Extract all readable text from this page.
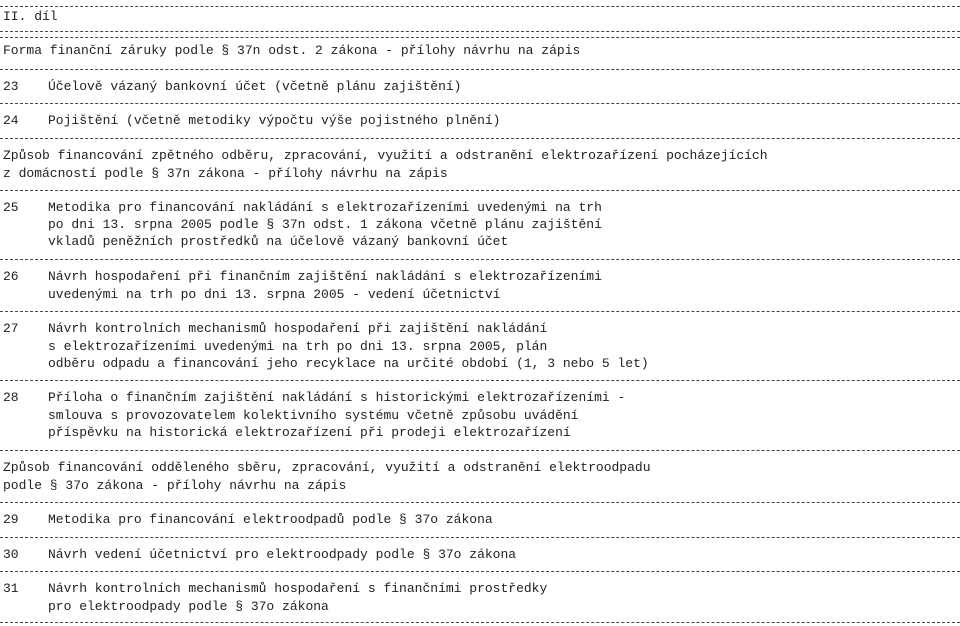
II. díl
Forma finanční záruky podle § 37n odst. 2 zákona - přílohy návrhu na zápis
23 Účelově vázaný bankovní účet (včetně plánu zajištění)
24 Pojištění (včetně metodiky výpočtu výše pojistného plnění)
Způsob financování zpětného odběru, zpracování, využití a odstranění elektrozařízení pocházejících
z domácností podle § 37n zákona - přílohy návrhu na zápis
25 Metodika pro financování nakládání s elektrozařízeními uvedenými na trh
po dni 13. srpna 2005 podle § 37n odst. 1 zákona včetně plánu zajištění
vkladů peněžních prostředků na účelově vázaný bankovní účet
26 Návrh hospodaření při finančním zajištění nakládání s elektrozařízeními
uvedenými na trh po dni 13. srpna 2005 - vedení účetnictví
27 Návrh kontrolních mechanismů hospodaření při zajištění nakládání
s elektrozařízeními uvedenými na trh po dni 13. srpna 2005, plán
odběru odpadu a financování jeho recyklace na určité období (1, 3 nebo 5 let)
28 Příloha o finančním zajištění nakládání s historickými elektrozařízeními -
smlouva s provozovatelem kolektivního systému včetně způsobu uvádění
příspěvku na historická elektrozařízení při prodeji elektrozařízení
Způsob financování odděleného sběru, zpracování, využití a odstranění elektroodpadu
podle § 37o zákona - přílohy návrhu na zápis
29 Metodika pro financování elektroodpadů podle § 37o zákona
30 Návrh vedení účetnictví pro elektroodpady podle § 37o zákona
31 Návrh kontrolních mechanismů hospodaření s finančními prostředky
pro elektroodpady podle § 37o zákona
